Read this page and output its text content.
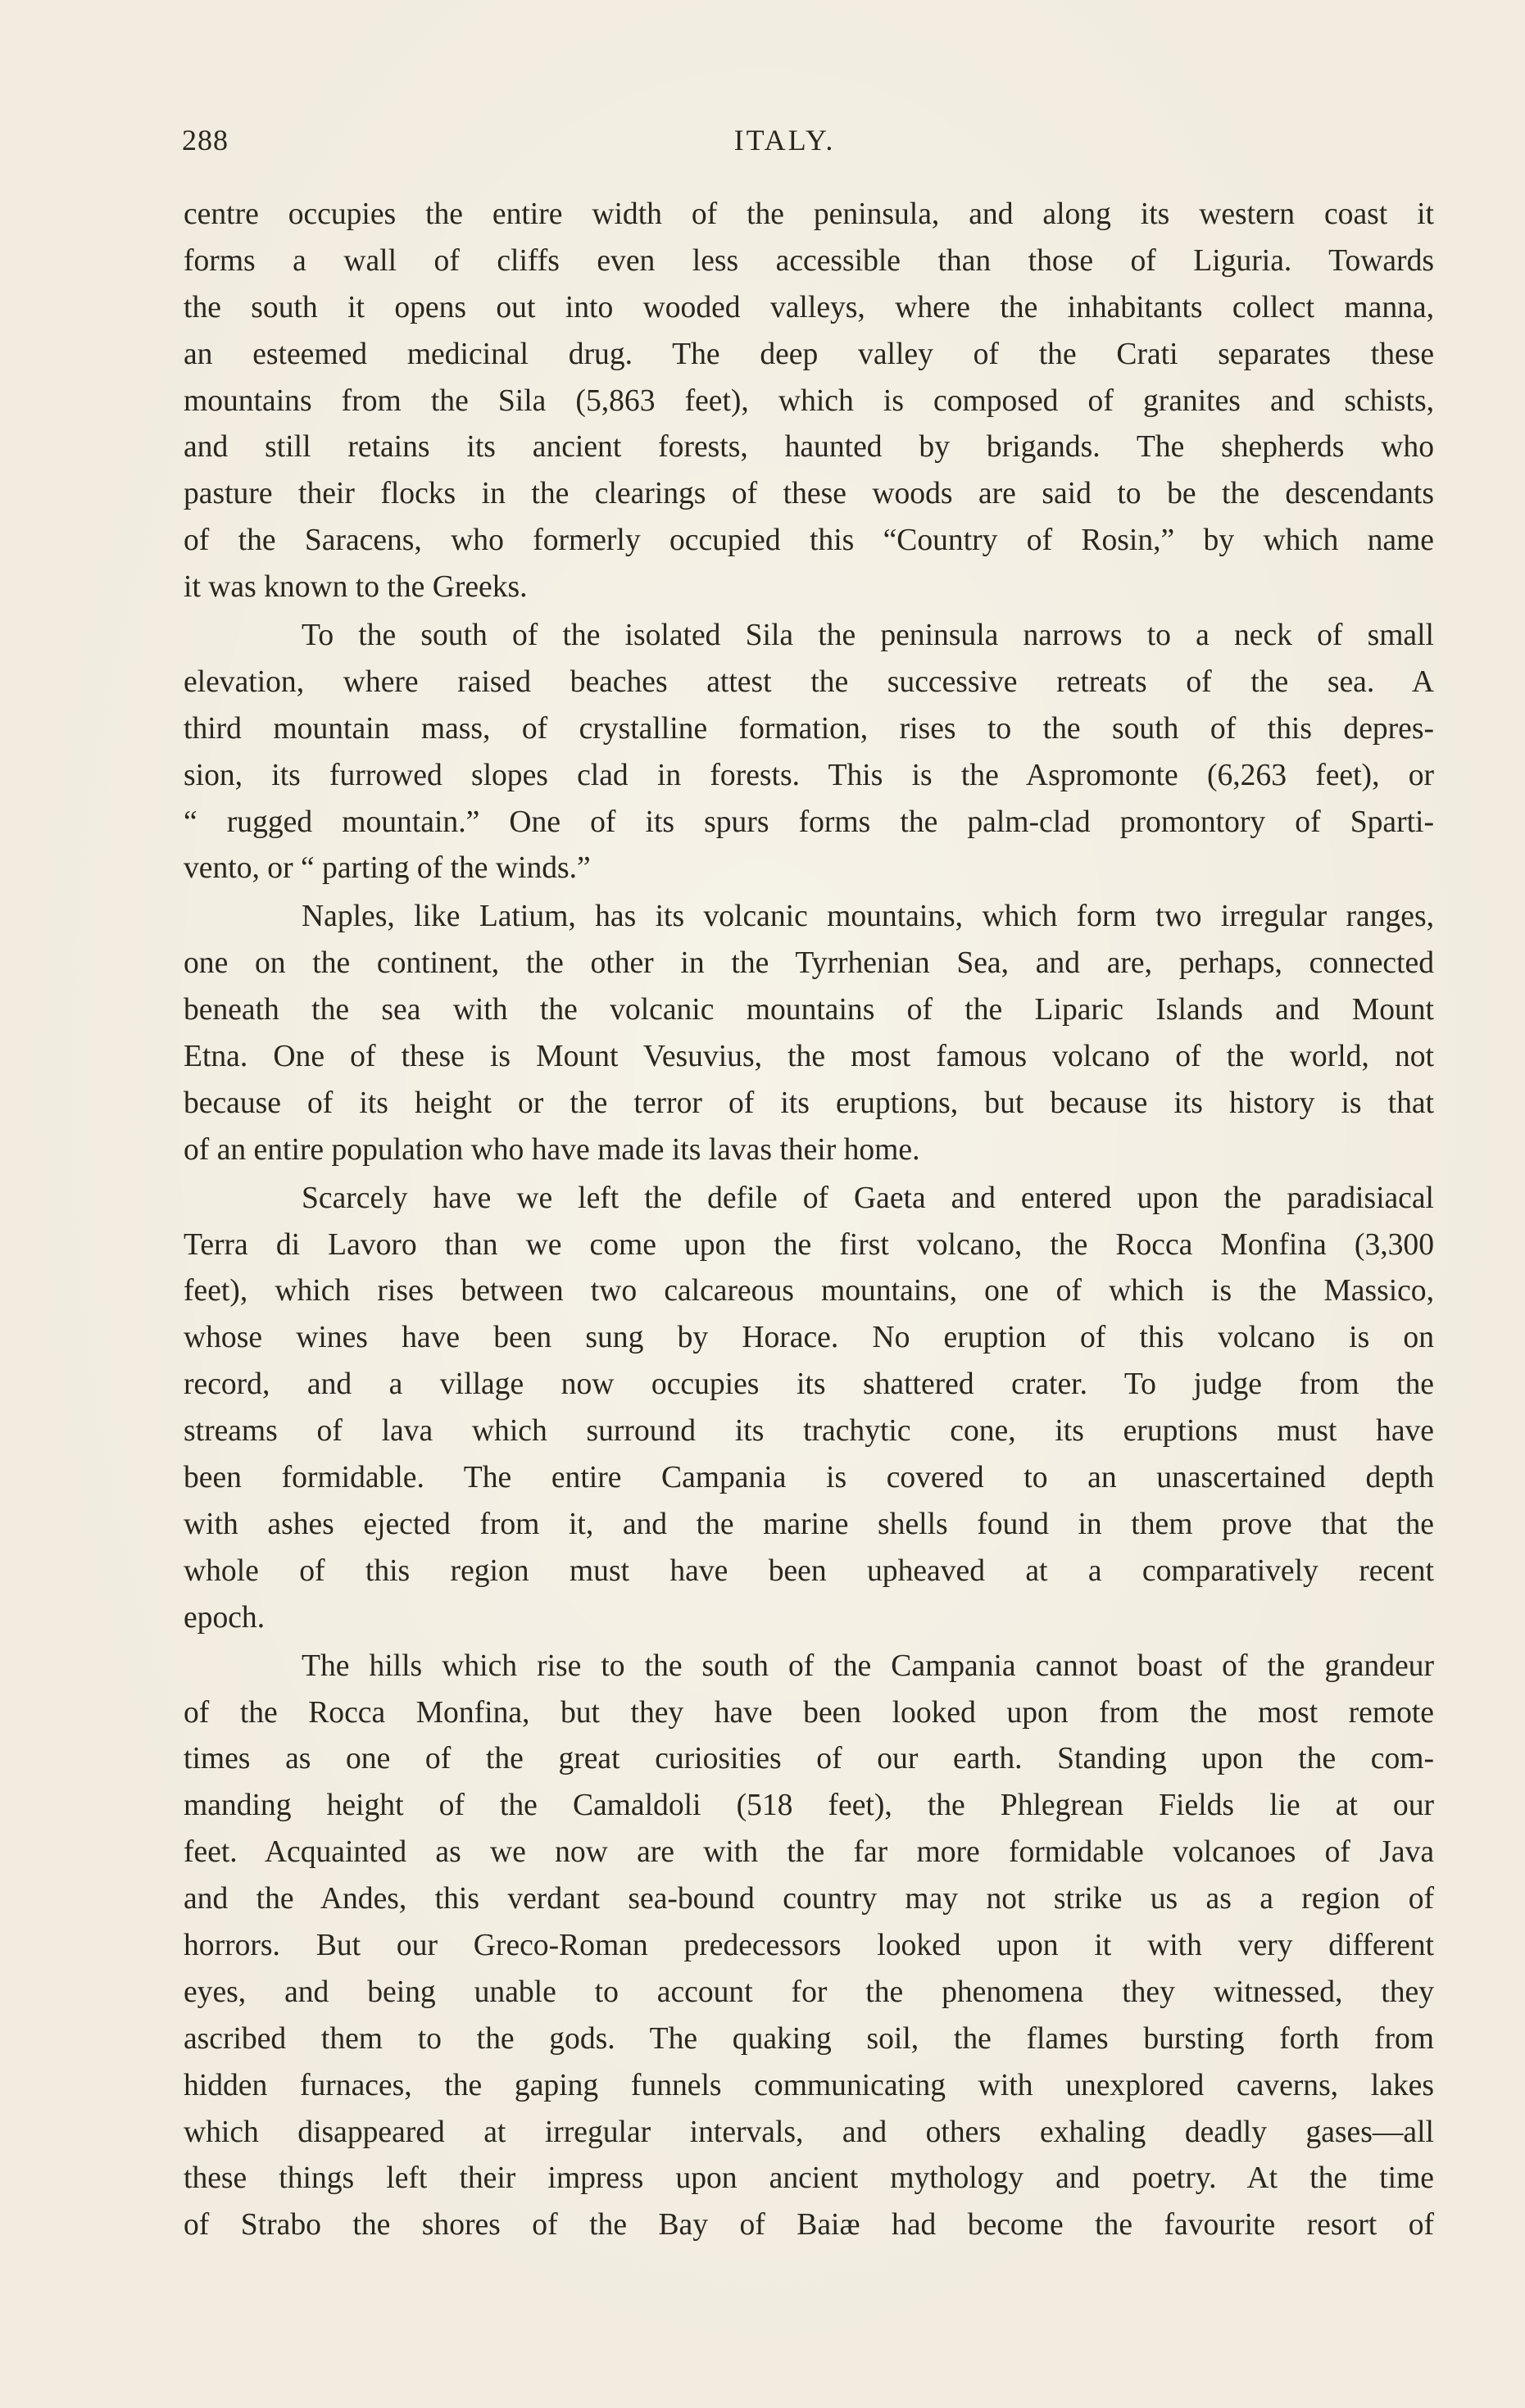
288	ITALY.
centre occupies the entire width of the peninsula, and along its western coast it
forms a wall of cliffs even less accessible than those of Liguria. Towards
the south it opens out into wooded valleys, where the inhabitants collect manna,
an esteemed medicinal drug. The deep valley of the Crati separates these
mountains from the Sila (5,863 feet), which is composed of granites and schists,
and still retains its ancient forests, haunted by brigands. The shepherds who
pasture their flocks in the clearings of these woods are said to be the descendants
of the Saracens, who formerly occupied this “Country of Rosin,” by which name
it was known to the Greeks.
To the south of the isolated Sila the peninsula narrows to a neck of small
elevation, where raised beaches attest the successive retreats of the sea. A
third mountain mass, of crystalline formation, rises to the south of this depres-
sion, its furrowed slopes clad in forests. This is the Aspromonte (6,263 feet), or
“ rugged mountain.” One of its spurs forms the palm-clad promontory of Sparti-
vento, or “ parting of the winds.”
Naples, like Latium, has its volcanic mountains, which form two irregular ranges,
one on the continent, the other in the Tyrrhenian Sea, and are, perhaps, connected
beneath the sea with the volcanic mountains of the Liparic Islands and Mount
Etna. One of these is Mount Vesuvius, the most famous volcano of the world, not
because of its height or the terror of its eruptions, but because its history is that
of an entire population who have made its lavas their home.
Scarcely have we left the defile of Gaeta and entered upon the paradisiacal
Terra di Lavoro than we come upon the first volcano, the Rocca Monfina (3,300
feet), which rises between two calcareous mountains, one of which is the Massico,
whose wines have been sung by Horace. No eruption of this volcano is on
record, and a village now occupies its shattered crater. To judge from the
streams of lava which surround its trachytic cone, its eruptions must have
been formidable. The entire Campania is covered to an unascertained depth
with ashes ejected from it, and the marine shells found in them prove that the
whole of this region must have been upheaved at a comparatively recent
epoch.
The hills which rise to the south of the Campania cannot boast of the grandeur
of the Rocca Monfina, but they have been looked upon from the most remote
times as one of the great curiosities of our earth. Standing upon the com-
manding height of the Camaldoli (518 feet), the Phlegrean Fields lie at our
feet. Acquainted as we now are with the far more formidable volcanoes of Java
and the Andes, this verdant sea-bound country may not strike us as a region of
horrors. But our Greco-Roman predecessors looked upon it with very different
eyes, and being unable to account for the phenomena they witnessed, they
ascribed them to the gods. The quaking soil, the flames bursting forth from
hidden furnaces, the gaping funnels communicating with unexplored caverns, lakes
which disappeared at irregular intervals, and others exhaling deadly gases—all
these things left their impress upon ancient mythology and poetry. At the time
of Strabo the shores of the Bay of Baiæ had become the favourite resort of
